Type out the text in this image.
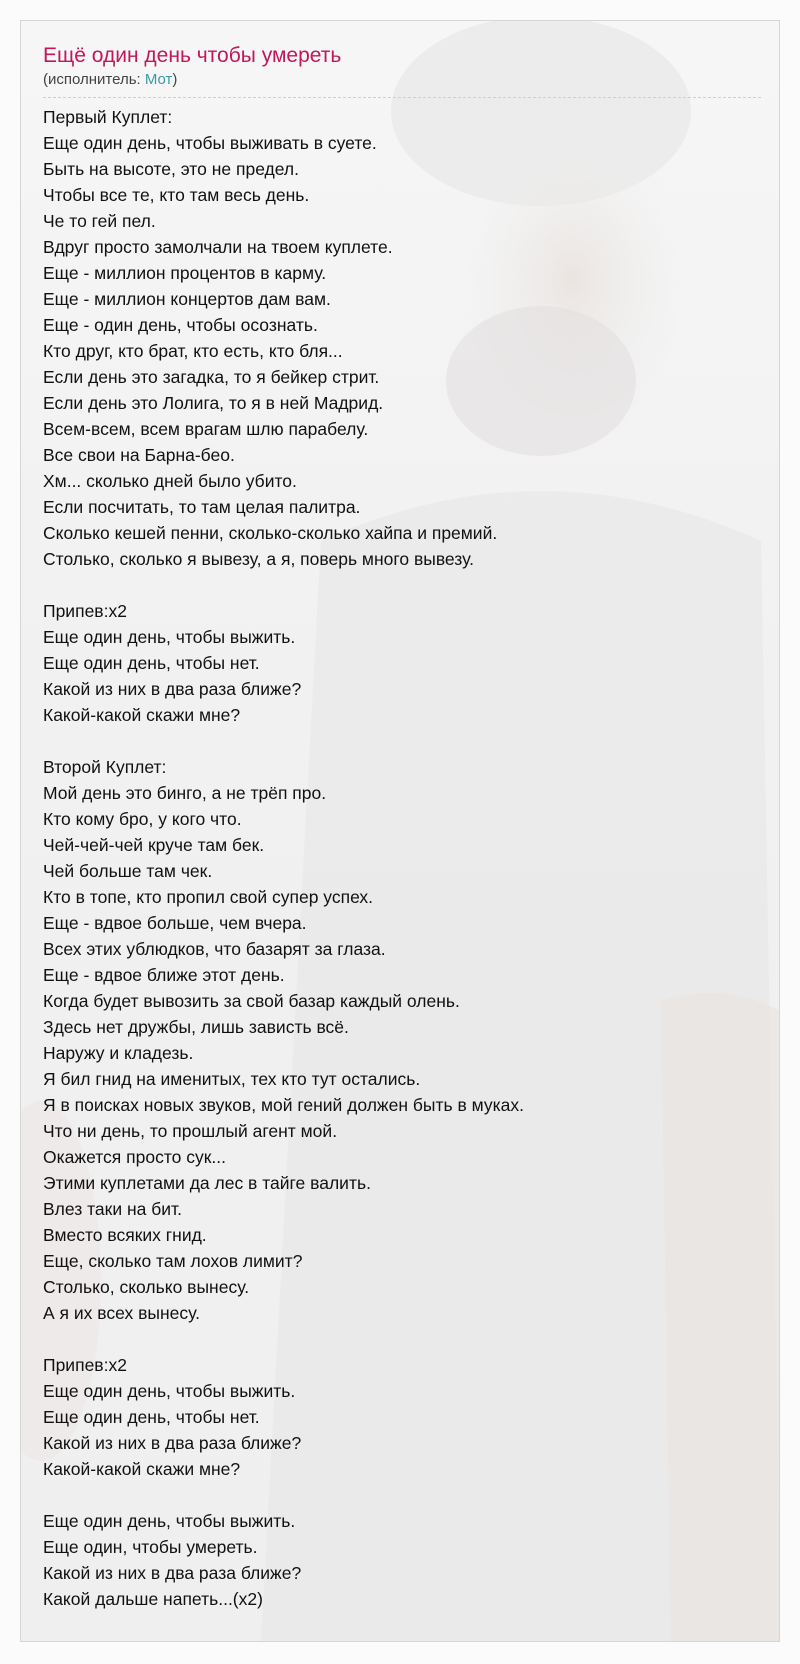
Ещё один день чтобы умереть
(исполнитель: Мот)
Первый Куплет:
Еще один день, чтобы выживать в суете.
Быть на высоте, это не предел.
Чтобы все те, кто там весь день.
Че то гей пел.
Вдруг просто замолчали на твоем куплете.
Еще - миллион процентов в карму.
Еще - миллион концертов дам вам.
Еще - один день, чтобы осознать.
Кто друг, кто брат, кто есть, кто бля...
Если день это загадка, то я бейкер стрит.
Если день это Лолига, то я в ней Мадрид.
Всем-всем, всем врагам шлю парабелу.
Все свои на Барна-бео.
Хм... сколько дней было убито.
Если посчитать, то там целая палитра.
Сколько кешей пенни, сколько-сколько хайпа и премий.
Столько, сколько я вывезу, а я, поверь много вывезу.
Припев:x2
Еще один день, чтобы выжить.
Еще один день, чтобы нет.
Какой из них в два раза ближе?
Какой-какой скажи мне?
Второй Куплет:
Мой день это бинго, а не трёп про.
Кто кому бро, у кого что.
Чей-чей-чей круче там бек.
Чей больше там чек.
Кто в топе, кто пропил свой супер успех.
Еще - вдвое больше, чем вчера.
Всех этих ублюдков, что базарят за глаза.
Еще - вдвое ближе этот день.
Когда будет вывозить за свой базар каждый олень.
Здесь нет дружбы, лишь зависть всё.
Наружу и кладезь.
Я бил гнид на именитых, тех кто тут остались.
Я в поисках новых звуков, мой гений должен быть в муках.
Что ни день, то прошлый агент мой.
Окажется просто сук...
Этими куплетами да лес в тайге валить.
Влез таки на бит.
Вместо всяких гнид.
Еще, сколько там лохов лимит?
Столько, сколько вынесу.
А я их всех вынесу.
Припев:x2
Еще один день, чтобы выжить.
Еще один день, чтобы нет.
Какой из них в два раза ближе?
Какой-какой скажи мне?
Еще один день, чтобы выжить.
Еще один, чтобы умереть.
Какой из них в два раза ближе?
Какой дальше напеть...(x2)
